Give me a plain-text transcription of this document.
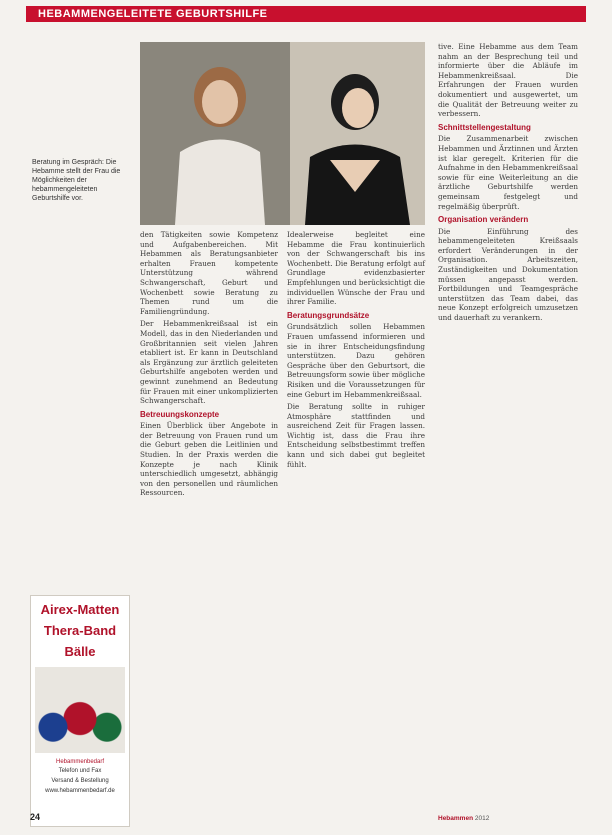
HEBAMMENGELEITETE GEBURTSHILFE
Beratung im Gespräch: Die Hebamme stellt der Frau die Möglichkeiten der hebammengeleiteten Geburtshilfe vor.

den Tätigkeiten sowie Kompetenz und Aufgabenbereichen. Mit Hebammen als Beratungsanbieter erhalten Frauen kompetente Unterstützung während Schwangerschaft, Geburt und Wochenbett sowie Beratung zu Themen rund um die Familiengründung.

Der Hebammenkreißsaal ist ein Modell, das in den Niederlanden und Großbritannien seit vielen Jahren etabliert ist. Er kann in Deutschland als Ergänzung zur ärztlich geleiteten Geburtshilfe angeboten werden und gewinnt zunehmend an Bedeutung für Frauen mit einer unkomplizierten Schwangerschaft.

Betreuungskonzepte

Einen Überblick über Angebote in der Betreuung von Frauen rund um die Geburt geben die Leitlinien und Studien. In der Praxis werden die Konzepte je nach Klinik unterschiedlich umgesetzt, abhängig von den personellen und räumlichen Ressourcen.

Idealerweise begleitet eine Hebamme die Frau kontinuierlich von der Schwangerschaft bis ins Wochenbett. Die Beratung erfolgt auf Grundlage evidenzbasierter Empfehlungen und berücksichtigt die individuellen Wünsche der Frau und ihrer Familie.

Beratungsgrundsätze

Grundsätzlich sollen Hebammen Frauen umfassend informieren und sie in ihrer Entscheidungsfindung unterstützen. Dazu gehören Gespräche über den Geburtsort, die Betreuungsform sowie über mögliche Risiken und die Voraussetzungen für eine Geburt im Hebammenkreißsaal.

Die Beratung sollte in ruhiger Atmosphäre stattfinden und ausreichend Zeit für Fragen lassen. Wichtig ist, dass die Frau ihre Entscheidung selbstbestimmt treffen kann und sich dabei gut begleitet fühlt.

tive. Eine Hebamme aus dem Team nahm an der Besprechung teil und informierte über die Abläufe im Hebammenkreißsaal. Die Erfahrungen der Frauen wurden dokumentiert und ausgewertet, um die Qualität der Betreuung weiter zu verbessern.

Schnittstellengestaltung

Die Zusammenarbeit zwischen Hebammen und Ärztinnen und Ärzten ist klar geregelt. Kriterien für die Aufnahme in den Hebammenkreißsaal sowie für eine Weiterleitung an die ärztliche Geburtshilfe werden gemeinsam festgelegt und regelmäßig überprüft.

Organisation verändern

Die Einführung des hebammengeleiteten Kreißsaals erfordert Veränderungen in der Organisation. Arbeitszeiten, Zuständigkeiten und Dokumentation müssen angepasst werden. Fortbildungen und Teamgespräche unterstützen das Team dabei, das neue Konzept erfolgreich umzusetzen und dauerhaft zu verankern.

Airex-Matten
Thera-Band
Bälle
Hebammenbedarf
Telefon und Fax
Versand & Bestellung
www.hebammenbedarf.de
24	Hebammen 2012
